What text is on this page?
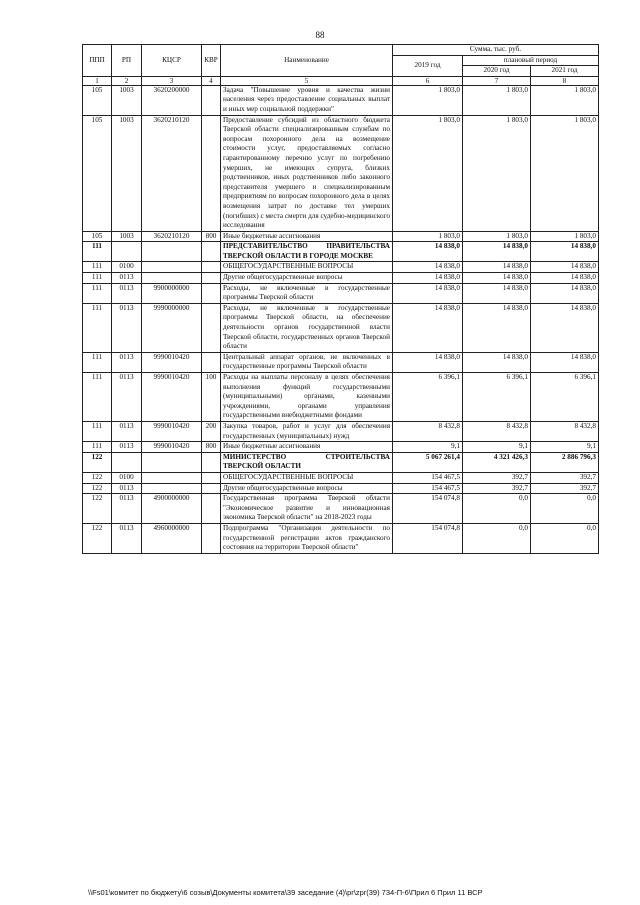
88
ППП	РП	КЦСР	КВР	Наименование	Сумма, тыс. руб.		
					2019 год	плановый период	
						2020 год	2021 год
1	2	3	4	5	6	7	8
105	1003	3620200000		Задача "Повышение уровня и качества жизни населения через предоставление социальных выплат и иных мер социальной поддержки"	1 803,0	1 803,0	1 803,0
105	1003	3620210120		Предоставление субсидий из областного бюджета Тверской области специализированным службам по вопросам похоронного дела на возмещение стоимости услуг, предоставляемых согласно гарантированному перечню услуг по погребению умерших, не имеющих супруга, близких родственников, иных родственников либо законного представителя умершего и специализированным предприятиям по вопросам похоронного дела в целях возмещения затрат по доставке тел умерших (погибших) с места смерти для судебно-медицинского исследования	1 803,0	1 803,0	1 803,0
105	1003	3620210120	800	Иные бюджетные ассигнования	1 803,0	1 803,0	1 803,0
111				ПРЕДСТАВИТЕЛЬСТВО ПРАВИТЕЛЬСТВА ТВЕРСКОЙ ОБЛАСТИ В ГОРОДЕ МОСКВЕ	14 838,0	14 838,0	14 838,0
111	0100			ОБЩЕГОСУДАРСТВЕННЫЕ ВОПРОСЫ	14 838,0	14 838,0	14 838,0
111	0113			Другие общегосударственные вопросы	14 838,0	14 838,0	14 838,0
111	0113	9900000000		Расходы, не включенные в государственные программы Тверской области	14 838,0	14 838,0	14 838,0
111	0113	9990000000		Расходы, не включенные в государственные программы Тверской области, на обеспечение деятельности органов государственной власти Тверской области, государственных органов Тверской области	14 838,0	14 838,0	14 838,0
111	0113	9990010420		Центральный аппарат органов, не включенных в государственные программы Тверской области	14 838,0	14 838,0	14 838,0
111	0113	9990010420	100	Расходы на выплаты персоналу в целях обеспечения выполнения функций государственными (муниципальными) органами, казенными учреждениями, органами управления государственными внебюджетными фондами	6 396,1	6 396,1	6 396,1
111	0113	9990010420	200	Закупка товаров, работ и услуг для обеспечения государственных (муниципальных) нужд	8 432,8	8 432,8	8 432,8
111	0113	9990010420	800	Иные бюджетные ассигнования	9,1	9,1	9,1
122				МИНИСТЕРСТВО СТРОИТЕЛЬСТВА ТВЕРСКОЙ ОБЛАСТИ	5 067 261,4	4 321 426,3	2 886 796,3
122	0100			ОБЩЕГОСУДАРСТВЕННЫЕ ВОПРОСЫ	154 467,5	392,7	392,7
122	0113			Другие общегосударственные вопросы	154 467,5	392,7	392,7
122	0113	4900000000		Государственная программа Тверской области "Экономическое развитие и инновационная экономика Тверской области" на 2018-2023 годы	154 074,8	0,0	0,0
122	0113	4960000000		Подпрограмма "Организация деятельности по государственной регистрации актов гражданского состояния на территории Тверской области"	154 074,8	0,0	0,0
\\Fs01\комитет по бюджету\6 созыв\Документы комитета\39 заседание (4)\pr\zpr(39) 734-П-6\Прил 6 Прил 11 ВСР
